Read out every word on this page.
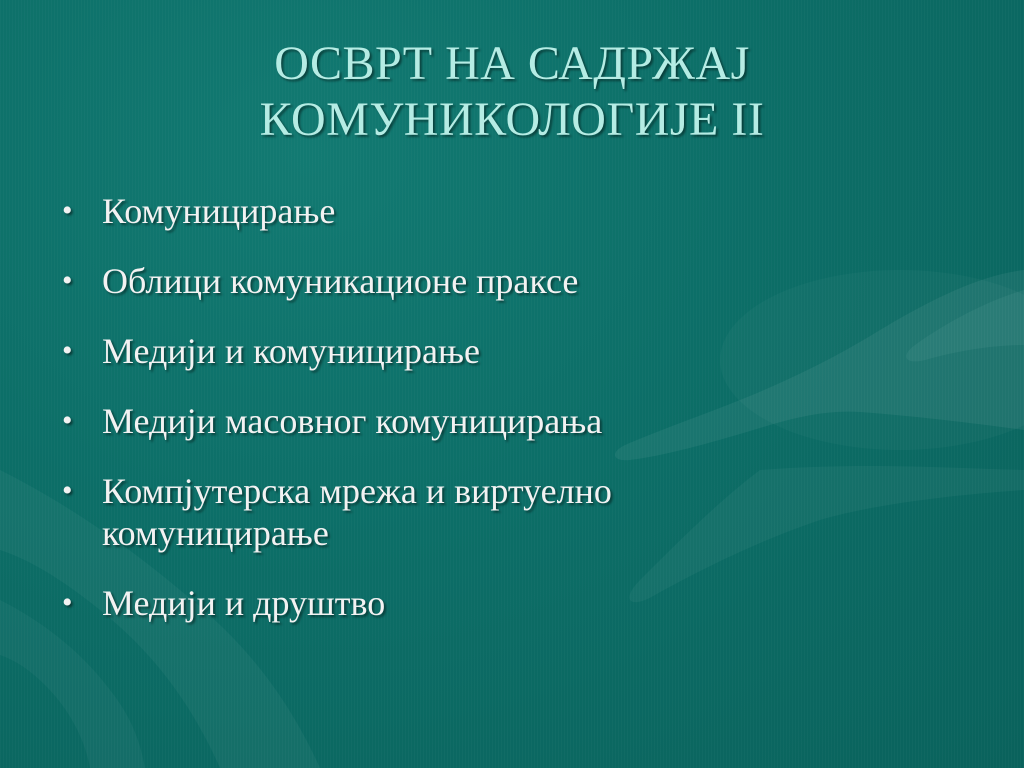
ОСВРТ НА САДРЖАЈ
КОМУНИКОЛОГИЈЕ II
• Комуницирање
• Облици комуникационе праксе
• Медији и комуницирање
• Медији масовног комуницирања
• Компјутерска мрежа и виртуелно
комуницирање
• Медији и друштво
